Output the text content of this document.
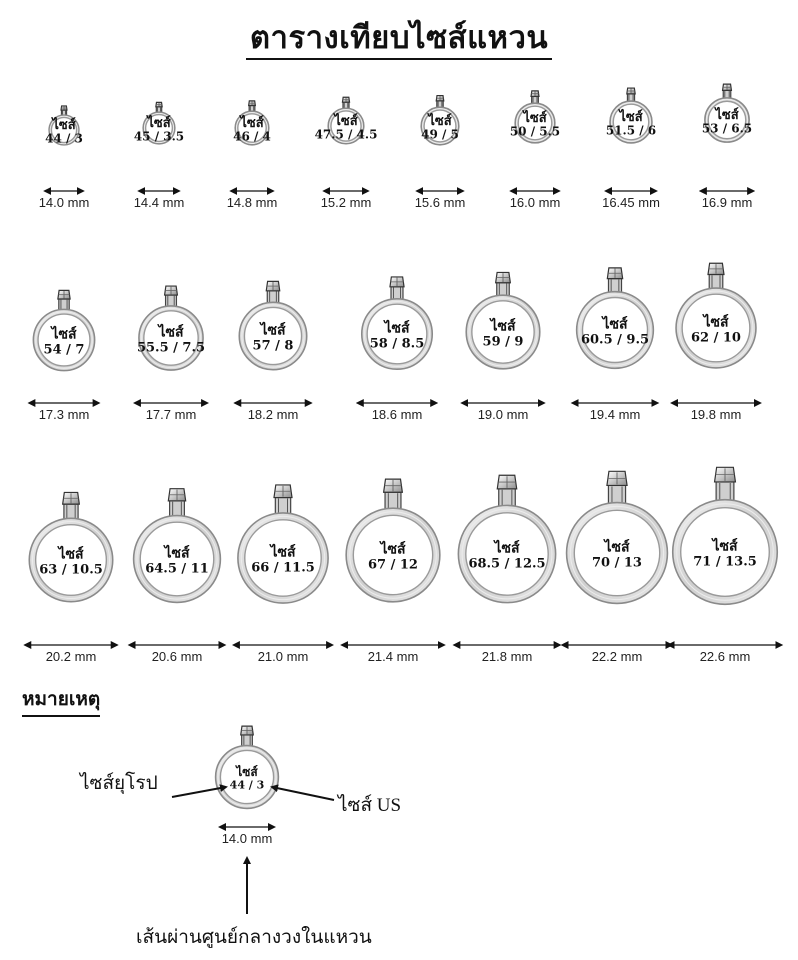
ตารางเทียบไซส์แหวน
ไซส์
44 / 3
14.0 mm
ไซส์
45 / 3.5
14.4 mm
ไซส์
46 / 4
14.8 mm
ไซส์
47.5 / 4.5
15.2 mm
ไซส์
49 / 5
15.6 mm
ไซส์
50 / 5.5
16.0 mm
ไซส์
51.5 / 6
16.45 mm
ไซส์
53 / 6.5
16.9 mm
ไซส์
54 / 7
17.3 mm
ไซส์
55.5 / 7.5
17.7 mm
ไซส์
57 / 8
18.2 mm
ไซส์
58 / 8.5
18.6 mm
ไซส์
59 / 9
19.0 mm
ไซส์
60.5 / 9.5
19.4 mm
ไซส์
62 / 10
19.8 mm
ไซส์
63 / 10.5
20.2 mm
ไซส์
64.5 / 11
20.6 mm
ไซส์
66 / 11.5
21.0 mm
ไซส์
67 / 12
21.4 mm
ไซส์
68.5 / 12.5
21.8 mm
ไซส์
70 / 13
22.2 mm
ไซส์
71 / 13.5
22.6 mm
ไซส์
44 / 3
14.0 mm
หมายเหตุ
ไซส์ยุโรป
ไซส์ US
เส้นผ่านศูนย์กลางวงในแหวน
